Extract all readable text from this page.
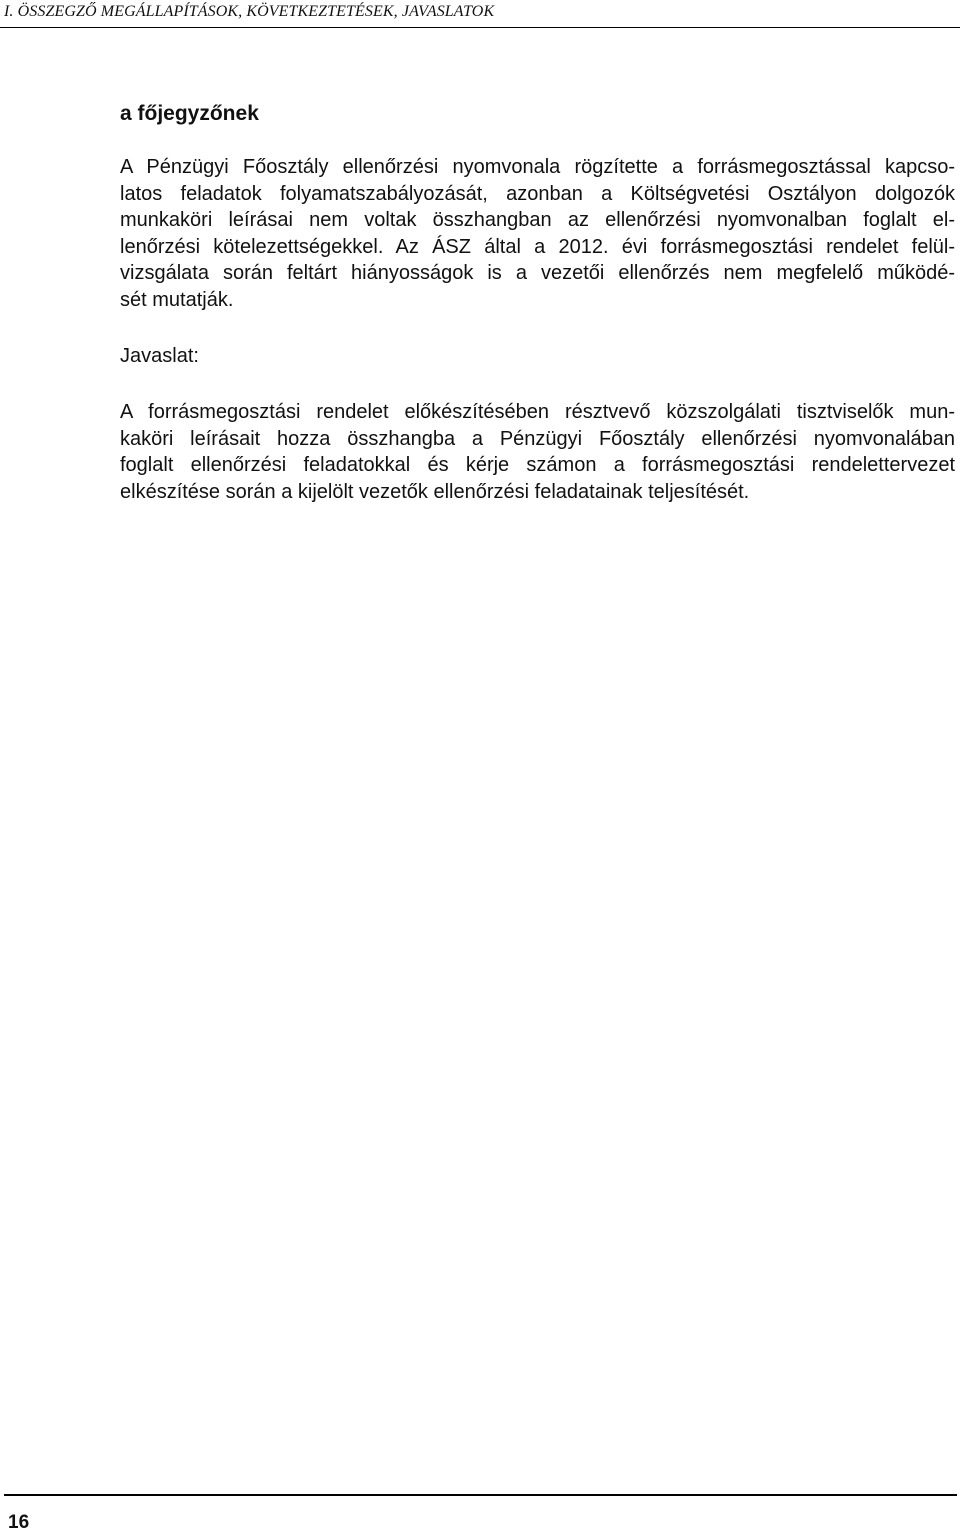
I. ÖSSZEGZŐ MEGÁLLAPÍTÁSOK, KÖVETKEZTETÉSEK, JAVASLATOK
a főjegyzőnek
A Pénzügyi Főosztály ellenőrzési nyomvonala rögzítette a forrásmegosztással kapcso-
latos feladatok folyamatszabályozását, azonban a Költségvetési Osztályon dolgozók
munkaköri leírásai nem voltak összhangban az ellenőrzési nyomvonalban foglalt el-
lenőrzési kötelezettségekkel. Az ÁSZ által a 2012. évi forrásmegosztási rendelet felül-
vizsgálata során feltárt hiányosságok is a vezetői ellenőrzés nem megfelelő működé-
sét mutatják.
Javaslat:
A forrásmegosztási rendelet előkészítésében résztvevő közszolgálati tisztviselők mun-
kaköri leírásait hozza összhangba a Pénzügyi Főosztály ellenőrzési nyomvonalában
foglalt ellenőrzési feladatokkal és kérje számon a forrásmegosztási rendelettervezet
elkészítése során a kijelölt vezetők ellenőrzési feladatainak teljesítését.
16
